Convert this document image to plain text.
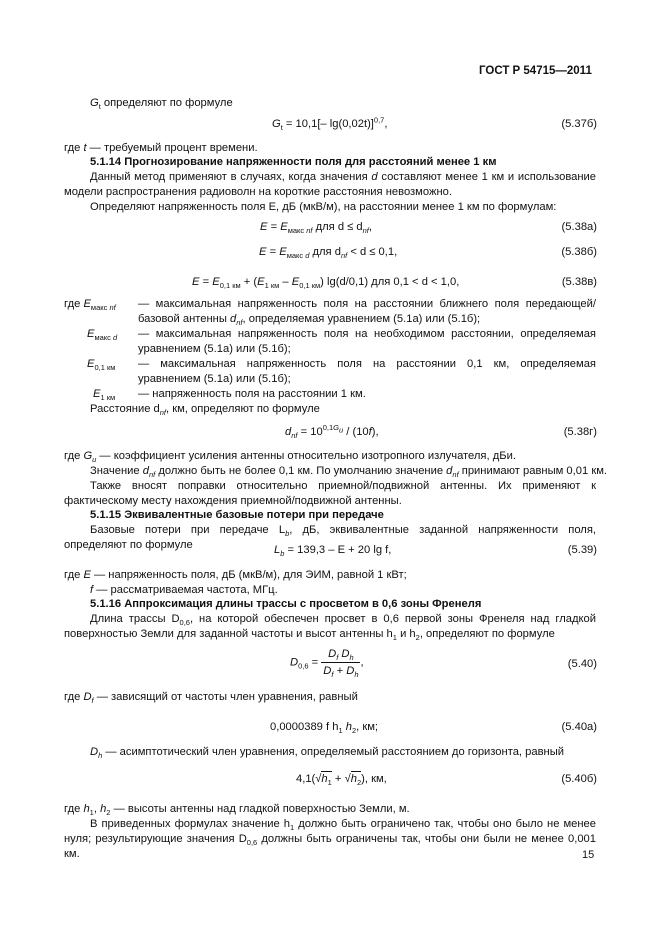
ГОСТ Р 54715—2011
$G_t$ определяют по формуле
$G_t = 10,1[-$ lg(0,02t)]$^{0,7}$,	(5.37б)
где t — требуемый процент времени.
5.1.14 Прогнозирование напряженности поля для расстояний менее 1 км
Данный метод применяют в случаях, когда значения d составляют менее 1 км и использование модели распространения радиоволн на короткие расстояния невозможно.
Определяют напряженность поля E, дБ (мкВ/м), на расстоянии менее 1 км по формулам:
$E = E_{макс nf}$ для $d \le d_{nf}$,	(5.38а)
$E = E_{макс d}$ для $d_{nf} < d \le 0,1$,	(5.38б)
$E = E_{0,1 км} + (E_{1 км} - E_{0,1 км})$ lg(d/0,1) для 0,1 < d < 1,0,	(5.38в)
где $E_{макс nf}$ — максимальная напряженность поля на расстоянии ближнего поля передающей/базовой антенны $d_{nf}$, определяемая уравнением (5.1а) или (5.1б);
$E_{макс d}$ — максимальная напряженность поля на необходимом расстоянии, определяемая уравнением (5.1а) или (5.1б);
$E_{0,1 км}$ — максимальная напряженность поля на расстоянии 0,1 км, определяемая уравнением (5.1а) или (5.1б);
$E_{1 км}$ — напряженность поля на расстоянии 1 км.
Расстояние $d_{nf}$, км, определяют по формуле
$d_{nf} = 10^{0,1G_u} / (10f)$,	(5.38г)
где $G_u$ — коэффициент усиления антенны относительно изотропного излучателя, дБи.
Значение $d_{nf}$ должно быть не более 0,1 км. По умолчанию значение $d_{nf}$ принимают равным 0,01 км.
Также вносят поправки относительно приемной/подвижной антенны. Их применяют к фактическому месту нахождения приемной/подвижной антенны.
5.1.15 Эквивалентные базовые потери при передаче
Базовые потери при передаче $L_b$, дБ, эквивалентные заданной напряженности поля, определяют по формуле	$L_b = 139,3 - E + 20$ lg f,	(5.39)
где E — напряженность поля, дБ (мкВ/м), для ЭИМ, равной 1 кВт;
f — рассматриваемая частота, МГц.
5.1.16 Аппроксимация длины трассы с просветом в 0,6 зоны Френеля
Длина трассы $D_{0,6}$, на которой обеспечен просвет в 0,6 первой зоны Френеля над гладкой поверхностью Земли для заданной частоты и высот антенны $h_1$ и $h_2$, определяют по формуле
$D_{0,6} = \frac{D_f D_h}{D_f + D_h}$ ,	(5.40)
где $D_f$ — зависящий от частоты член уравнения, равный
0,0000389 f $h_1$ $h_2$, км;	(5.40а)
$D_h$ — асимптотический член уравнения, определяемый расстоянием до горизонта, равный
$4,1(√h_1 + √h_2)$, км,	(5.40б)
где $h_1$, $h_2$ — высоты антенны над гладкой поверхностью Земли, м.
В приведенных формулах значение $h_1$ должно быть ограничено так, чтобы оно было не менее нуля; результирующие значения $D_{0,6}$ должны быть ограничены так, чтобы они были не менее 0,001 км.	15
